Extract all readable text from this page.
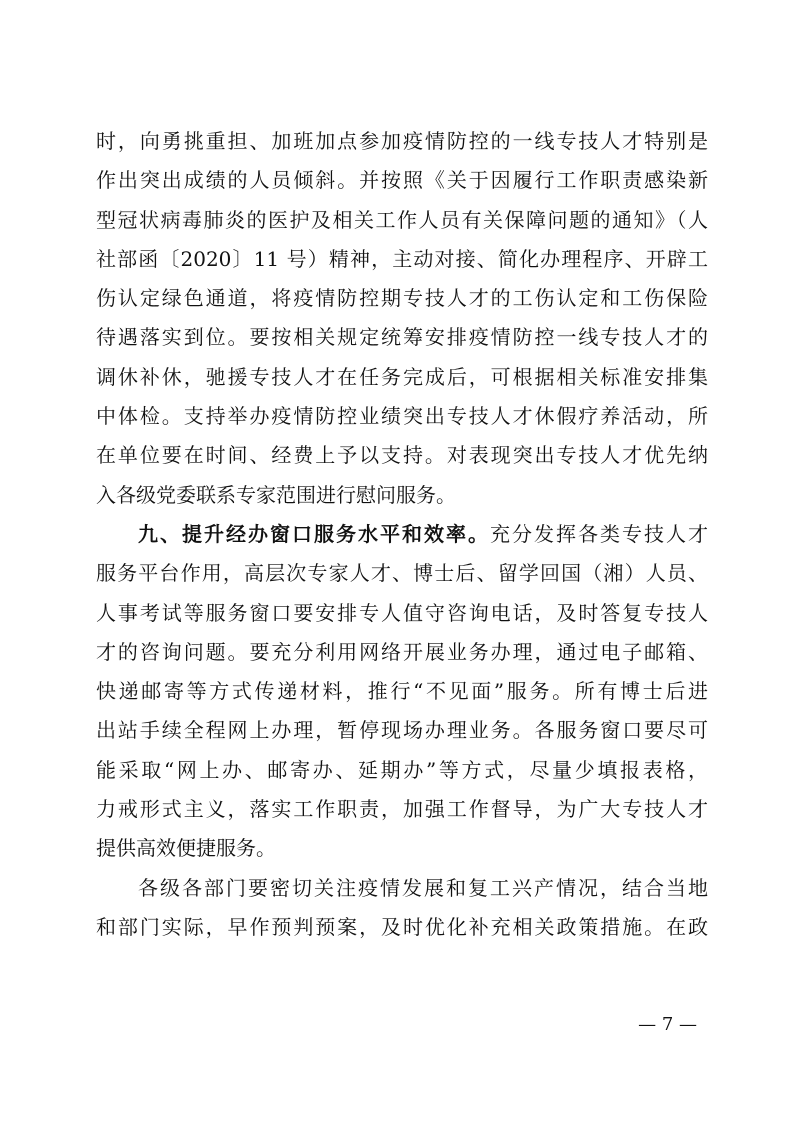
时，向勇挑重担、加班加点参加疫情防控的一线专技人才特别是
作出突出成绩的人员倾斜。并按照《关于因履行工作职责感染新
型冠状病毒肺炎的医护及相关工作人员有关保障问题的通知》（人
社部函〔2020〕11 号）精神，主动对接、简化办理程序、开辟工
伤认定绿色通道，将疫情防控期专技人才的工伤认定和工伤保险
待遇落实到位。要按相关规定统筹安排疫情防控一线专技人才的
调休补休，驰援专技人才在任务完成后，可根据相关标准安排集
中体检。支持举办疫情防控业绩突出专技人才休假疗养活动，所
在单位要在时间、经费上予以支持。对表现突出专技人才优先纳
入各级党委联系专家范围进行慰问服务。
九、提升经办窗口服务水平和效率。充分发挥各类专技人才
服务平台作用，高层次专家人才、博士后、留学回国（湘）人员、
人事考试等服务窗口要安排专人值守咨询电话，及时答复专技人
才的咨询问题。要充分利用网络开展业务办理，通过电子邮箱、
快递邮寄等方式传递材料，推行“不见面”服务。所有博士后进
出站手续全程网上办理，暂停现场办理业务。各服务窗口要尽可
能采取“网上办、邮寄办、延期办”等方式，尽量少填报表格，
力戒形式主义，落实工作职责，加强工作督导，为广大专技人才
提供高效便捷服务。
各级各部门要密切关注疫情发展和复工兴产情况，结合当地
和部门实际，早作预判预案，及时优化补充相关政策措施。在政
— 7 —
